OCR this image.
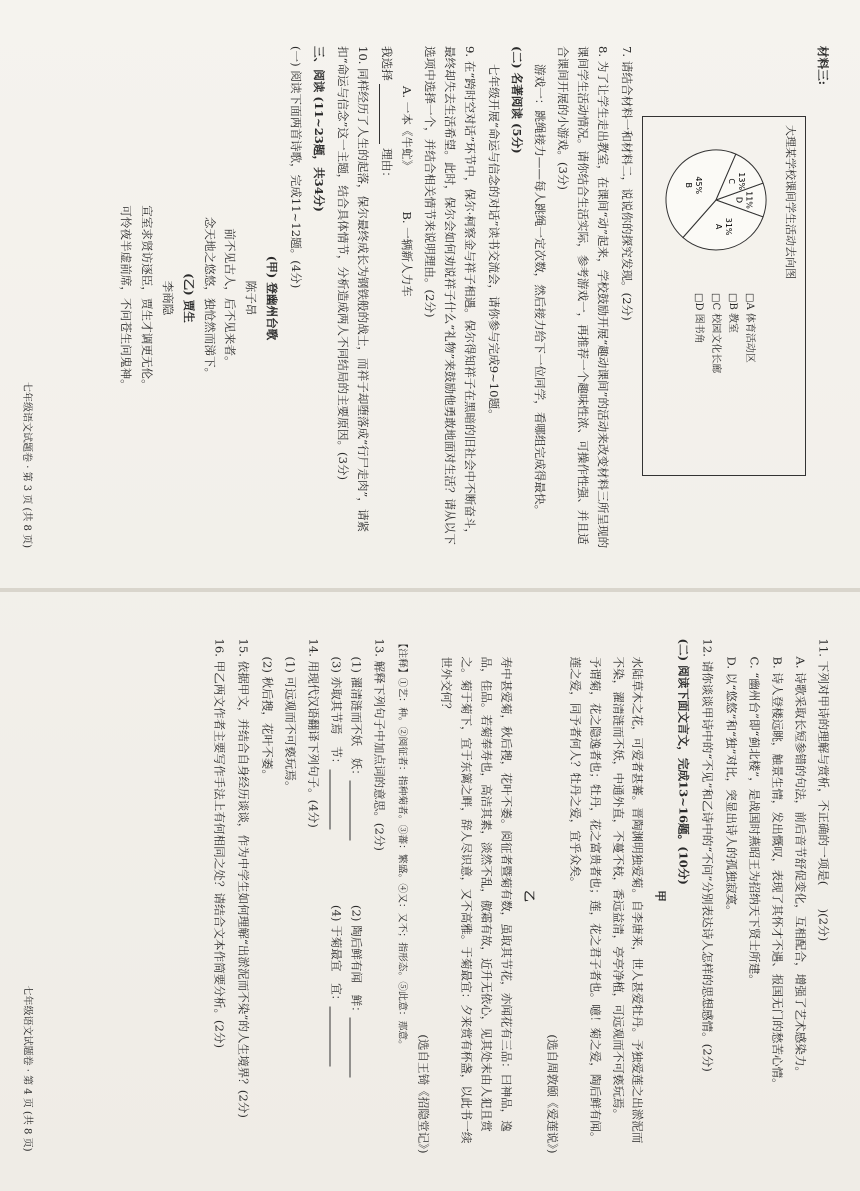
材料三:

大理某学校课间学生活动去向图
11%
D
31%
A
45%
B	13%
C
□A 体育活动区
□B 教室
□C 校园文化长廊
□D 图书角

7. 请结合材料一和材料二，说说你的探究发现。(2分)

8. 为了让学生走出教室，在课间“动”起来，学校鼓励开展“趣动课间”的活动来改变材料三所呈现的课间学生活动情况。请你结合生活实际，参考游戏一，再推荐一个趣味性浓、可操作性强、并且适合课间开展的小游戏。(3分)

游戏一：跳绳接力——每人跳绳一定次数，然后接力给下一位同学，看哪组完成得最快。

(二) 名著阅读 (5分)

七年级开展“命运与信念的对话”读书交流会，请你参与完成9~10题。

9. 在“跨时空对话”环节中，保尔·柯察金与祥子相遇。保尔得知祥子在黑暗的旧社会中不断奋斗，最终却失去生活希望。此时，保尔会如何劝说祥子什么“礼物”来鼓励他勇敢地面对生活？请从以下选项中选择一个，并结合相关情节来说明理由。(2分)

A. 一本《牛虻》
B. 一辆新人力车

我选择  理由：

10. 同样经历了人生的起落，保尔最终成长为钢铁般的战士，而祥子却堕落成“行尸走肉”，请紧扣“命运与信念”这一主题，结合具体情节，分析造成两人不同结局的主要原因。(3分)

三、阅读 (11~23题，共34分)

(一) 阅读下面两首诗歌，完成11~12题。(4分)

(甲) 登幽州台歌
陈子昂
前不见古人，后不见来者。
念天地之悠悠，独怆然而涕下。
(乙) 贾生
李商隐
宣室求贤访逐臣，贾生才调更无伦。
可怜夜半虚前席，不问苍生问鬼神。
七年级语文试题卷 · 第 3 页 (共 8 页)

11. 下列对甲诗的理解与赏析，不正确的一项是(　　)(2分)

A. 诗歌采取长短参错的句法，前后音节舒促变化，互相配合，增强了艺术感染力。

B. 诗人登楼远眺，触景生情，发出慨叹，表现了其怀才不遇、报国无门的愁苦心情。

C. “幽州台”即“蓟北楼”，是战国时燕昭王为招纳天下贤士所建。

D. 以“悠悠”和“独”对比，突显出诗人的孤独寂寞。

12. 请你谈谈甲诗中的“不见”和乙诗中的“不问”分别表达诗人怎样的思想感情。(2分)

(二) 阅读下面文言文，完成13~16题。(10分)

甲

水陆草木之花，可爱者甚蕃。晋陶渊明独爱菊。自李唐来，世人甚爱牡丹。予独爱莲之出淤泥而不染，濯清涟而不妖，中通外直，不蔓不枝，香远益清，亭亭净植，可远观而不可亵玩焉。

予谓菊，花之隐逸者也；牡丹，花之富贵者也；莲，花之君子者也。噫！菊之爱，陶后鲜有闻。莲之爱，同予者何人？牡丹之爱，宜乎众矣。

(选自周敦颐《爱莲说》)

乙

寿中甚爱菊，秋后搜，花叶不萎。阅征者暨菊有数，虽取其节花，亦闻花有三品：曰神品，逸品，佳品。若菊奉寿也，高洁其素，淡然不乱，傲霜有故，近升无依心，见其处末由人犯且赏之。菊于菊下，宜于东篱之畔，辞人尽识意，又不高雅。于菊最宜：夕来赏有杯盏，以此书一续世外交何？

(选自王锜《招隐堂记》)

【注释】①艺：种。②阅征者：指种菊者。③蕃：繁盛。④又：又不；指形态。⑤此意：那意。

13. 解释下列句子中加点词的意思。(2分)

(1) 濯清涟而不妖　妖：
(2) 陶后鲜有闻　鲜：
(3) 亦取其节焉　节：
(4) 于菊最宜　宜：

14. 用现代汉语翻译下列句子。(4分)

(1) 可远观而不可亵玩焉。

(2) 秋后搜，花叶不萎。

15. 依据甲文，并结合自身经历谈谈，作为中学生如何理解“出淤泥而不染”的人生境界？(2分)

16. 甲乙两文作者主要写作手法上有何相同之处？请结合文本作简要分析。(2分)

七年级语文试题卷 · 第 4 页 (共 8 页)
